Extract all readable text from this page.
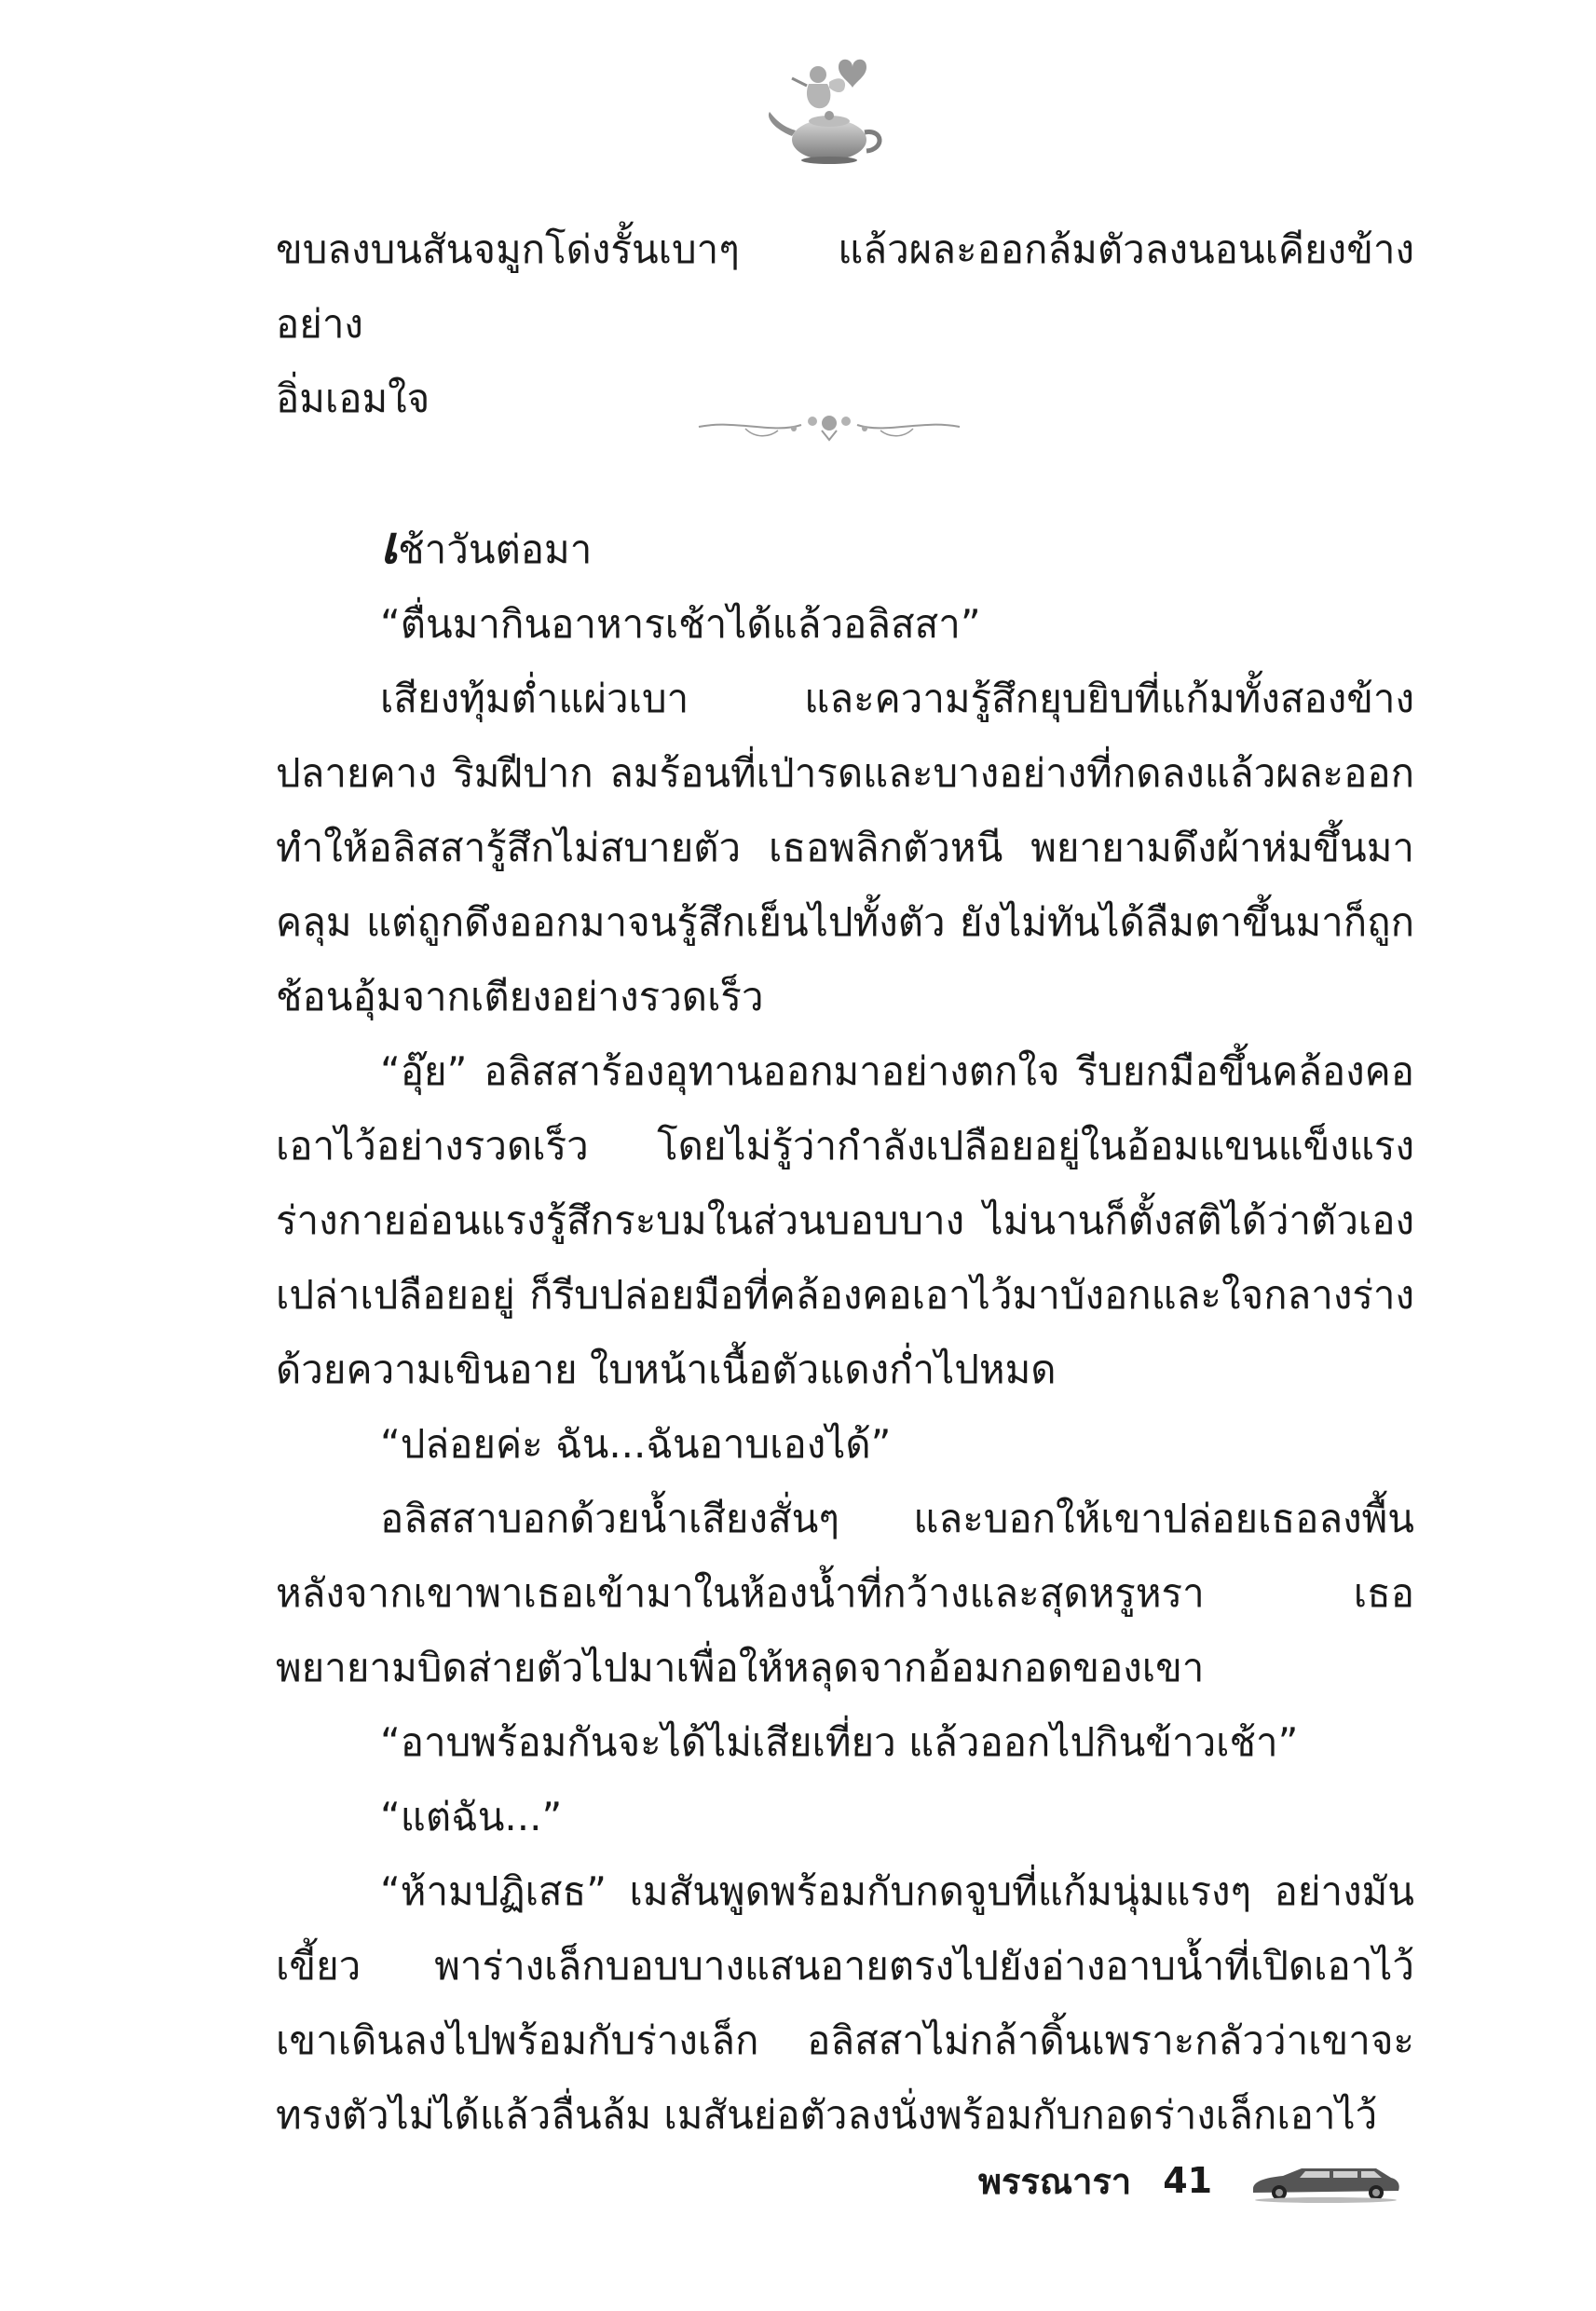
ขบลงบนสันจมูกโด่งรั้นเบาๆ แล้วผละออกล้มตัวลงนอนเคียงข้างอย่าง

อิ่มเอมใจ

เช้าวันต่อมา

“ตื่นมากินอาหารเช้าได้แล้วอลิสสา”

เสียงทุ้มต่ำแผ่วเบา และความรู้สึกยุบยิบที่แก้มทั้งสองข้าง ปลายคาง ริมฝีปาก ลมร้อนที่เป่ารดและบางอย่างที่กดลงแล้วผละออก ทำให้อลิสสารู้สึกไม่สบายตัว เธอพลิกตัวหนี พยายามดึงผ้าห่มขึ้นมาคลุม แต่ถูกดึงออกมาจนรู้สึกเย็นไปทั้งตัว ยังไม่ทันได้ลืมตาขึ้นมาก็ถูกช้อนอุ้มจากเตียงอย่างรวดเร็ว

“อุ๊ย” อลิสสาร้องอุทานออกมาอย่างตกใจ รีบยกมือขึ้นคล้องคอเอาไว้อย่างรวดเร็ว โดยไม่รู้ว่ากำลังเปลือยอยู่ในอ้อมแขนแข็งแรง ร่างกายอ่อนแรงรู้สึกระบมในส่วนบอบบาง ไม่นานก็ตั้งสติได้ว่าตัวเองเปล่าเปลือยอยู่ ก็รีบปล่อยมือที่คล้องคอเอาไว้มาบังอกและใจกลางร่างด้วยความเขินอาย ใบหน้าเนื้อตัวแดงก่ำไปหมด

“ปล่อยค่ะ ฉัน...ฉันอาบเองได้”

อลิสสาบอกด้วยน้ำเสียงสั่นๆ และบอกให้เขาปล่อยเธอลงพื้นหลังจากเขาพาเธอเข้ามาในห้องน้ำที่กว้างและสุดหรูหรา เธอพยายามบิดส่ายตัวไปมาเพื่อให้หลุดจากอ้อมกอดของเขา

“อาบพร้อมกันจะได้ไม่เสียเที่ยว แล้วออกไปกินข้าวเช้า”

“แต่ฉัน...”

“ห้ามปฏิเสธ” เมสันพูดพร้อมกับกดจูบที่แก้มนุ่มแรงๆ อย่างมันเขี้ยว พาร่างเล็กบอบบางแสนอายตรงไปยังอ่างอาบน้ำที่เปิดเอาไว้ เขาเดินลงไปพร้อมกับร่างเล็ก อลิสสาไม่กล้าดิ้นเพราะกลัวว่าเขาจะทรงตัวไม่ได้แล้วลื่นล้ม เมสันย่อตัวลงนั่งพร้อมกับกอดร่างเล็กเอาไว้

พรรณารา 41
